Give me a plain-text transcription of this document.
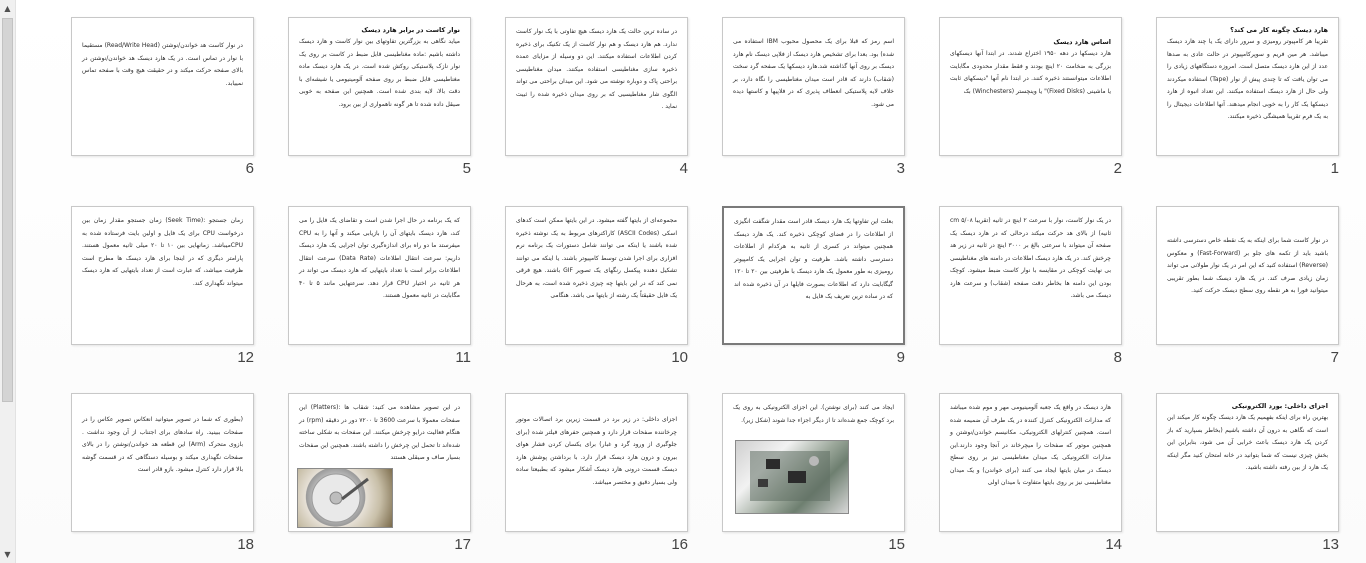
▲
▼
هارد دیسک چگونه کار می کند؟
تقریبا هر کامپیوتر رومیزی و سرور دارای یک یا چند هارد دیسک میباشد. هر مین فریم و سوپرکامپیوتر در حالت عادی به صدها عدد از این هارد دیسک متصل است. امروزه دستگاههای زیادی را می توان یافت که تا چندی پیش از نوار (Tape) استفاده میکردند ولی حال از هارد دیسک استفاده میکنند. این تعداد انبوه از هارد دیسکها یک کار را به خوبی انجام میدهند. آنها اطلاعات دیجیتال را به یک فرم تقریبا همیشگی ذخیره میکنند.
1
اساس هارد دیسک
هارد دیسکها در دهه ۱۹۵۰ اختراع شدند. در ابتدا آنها دیسکهای بزرگی به ضخامت ۲۰ اینچ بودند و فقط مقدار محدودی مگابایت اطلاعات میتوانستند ذخیره کنند. در ابتدا نام آنها "دیسکهای ثابت یا ماشینی (Fixed Disks)" یا وینچستر (Winchesters) بک
2
اسم رمز که قبلا برای یک محصول محبوب IBM استفاده می شده) بود. بعدا برای تشخیص هارد دیسک از فلاپی دیسک نام هارد دیسک بر روی آنها گذاشته شد.هارد دیسکها یک صفحه گرد سخت (شقاب) دارند که قادر است میدان مغناطیسی را نگاه دارد، بر خلاف لایه پلاستیکی انعطاف پذیری که در فلاپیها و کاستها دیده می شود.
3
در ساده ترین حالت یک هارد دیسک هیچ تفاوتی با یک نوار کاست ندارد. هم هارد دیسک و هم نوار کاست از یک تکنیک برای ذخیره کردن اطلاعات استفاده میکنند. این دو وسیله از مزایای عمده ذخیره سازی مغناطیسی استفاده میکنند. میدان مغناطیسی براحتی پاک و دوباره نوشته می شود. این میدان براحتی می تواند الگوی شار مغناطیسیی که بر روی میدان ذخیره شده را ثبیت نماید .
4
نوار کاست در برابر هارد دیسک
میاید نگاهی به بزرگترین تفاوتهای بین نوار کاست و هارد دیسک داشته باشیم :ماده مغناطیسی قابل ضبط در کاست بر روی یک نوار نازک پلاستیکی روکش شده است. در یک هارد دیسک ماده مغناطیسی قابل ضبط بر روی صفحه آلومینیومی یا شیشه‌ای با دقت بالا، لایه بندی شده است. همچنین این صفحه به خوبی صیقل داده شده تا هر گونه ناهمواری از بین برود.
5
در نوار کاست هد خواندن/نوشتن (Read/Write Head) مستقیما با نوار در تماس است. در یک هارد دیسک هد خواندن/نوشتن در بالای صفحه حرکت میکند و در حقیقت هیچ وقت با صفحه تماس نمییابد.
6
در نوار کاست شما برای اینکه به یک نقطه خاص دسترسی داشته باشید باید از تکمه های جلو بر (Fast-Forward) و معکوس (Reverse) استفاده کنید که این امر در یک نوار طولانی می تواند زمان زیادی صرف کند. در یک هارد دیسک شما بطور تقریبی میتوانید فورا به هر نقطه روی سطح دیسک حرکت کنید.
7
در یک نوار کاست، نوار با سرعت ۲ اینچ در ثانیه (تقریبا ۵/۰۸ cm ثانیه) از بالای هد حرکت میکند درحالی که در هارد دیسک یک صفحه آن میتواند با سرعتی بالغ بر ۳۰۰۰ اینچ در ثانیه در زیر هد چرخش کند. در یک هارد دیسک اطلاعات در دامنه های مغناطیسی بی نهایت کوچکی در مقایسه با نوار کاست ضبط میشود. کوچک بودن این دامنه ها بخاطر دقت صفحه (شقاب) و سرعت هارد دیسک می باشد.
8
بعلت این تفاوتها یک هارد دیسک قادر است مقدار شگفت انگیزی از اطلاعات را در فضای کوچکی ذخیره کند. یک هارد دیسک همچنین میتواند در کسری از ثانیه به هرکدام از اطلاعات دسترسی داشته باشد. ظرفیت و توان اجرایی یک کامپیوتر رومیزی به طور معمول یک هارد دیسک با ظرفیتی بین ۲۰ تا ۱۲۰ گیگابایت دارد که اطلاعات بصورت فایلها در آن ذخیره شده اند که در ساده ترین تعریف یک فایل به
9
مجموعه‌ای از بایتها گفته میشود. در این بایتها ممکن است کدهای اسکی (ASCII Codes) کاراکترهای مربوط به یک نوشته ذخیره شده باشند یا اینکه می توانند شامل دستورات یک برنامه نرم افزاری برای اجرا شدن توسط کامپیوتر باشند. یا اینکه می توانند تشکیل دهنده پیکسل رنگهای یک تصویر GIF باشند. هیچ فرقی نمی کند که در این بایتها چه چیزی ذخیره شده است، به هرحال یک فایل حقیقتاً یک رشته از بایتها می باشد. هنگامی
10
که یک برنامه در حال اجرا شدن است و تقاضای یک فایل را می کند، هارد دیسک بایتهای آن را بازیابی میکند و آنها را به CPU میفرستد ما دو راه برای اندازه‌گیری توان اجرایی یک هارد دیسک داریم: سرعت انتقال اطلاعات (Data Rate) سرعت انتقال اطلاعات برابر است با تعداد بایتهایی که هارد دیسک می تواند در هر ثانیه در اختیار CPU قرار دهد. سرعتهایی مانند ۵ تا ۴۰ مگابایت در ثانیه معمول هستند.
11
زمان جستجو :(Seek Time) زمان جستجو مقدار زمان بین درخواست CPU برای یک فایل و اولین بایت فرستاده شده به CPUمیباشد. زمانهایی بین ۱۰ تا ۲۰ میلی ثانیه معمول هستند. پارامتر دیگری که در اینجا برای هارد دیسک ها مطرح است ظرفیت میباشد، که عبارت است از تعداد بایتهایی که هارد دیسک میتواند نگهداری کند.
12
اجزای داخلی: بورد الکترونیکی
بهترین راه برای اینکه بفهمیم یک هارد دیسک چگونه کار میکند این است که نگاهی به درون آن داشته باشیم (بخاطر بسپارید که باز کردن یک هارد دیسک باعث خرابی آن می شود، بنابراین این بخش چیزی نیست که شما بتوانید در خانه امتحان کنید مگر اینکه یک هارد از بین رفته داشته باشید.
13
هارد دیسک در واقع یک جعبه آلومینیومی مهر و موم شده میباشد که مدارات الکترونیکی کنترل کننده در یک طرف آن ضمیمه شده است. همچنین کنترلهای الکترونیکی، مکانیسم خواندن/نوشتن و همچنین موتور که صفحات را میچرخاند در آنجا وجود دارند.این مدارات الکترونیکی یک میدان مغناطیسی نیز بر روی سطح دیسک در میان بایتها ایجاد می کنند (برای خواندن) و یک میدان مغناطیسی نیز بر روی بایتها متفاوت با میدان اولی
14
ایجاد می کنند (برای نوشتن). این اجزای الکترونیکی به روی یک برد کوچک جمع شده‌اند تا از دیگر اجزاء جدا شوند (شکل زیر).
15
اجزای داخلی: در زیر برد در قسمت زیرین برد اتصالات موتور چرخاننده صفحات قرار دارد و همچنین حفرهای فیلتر شده (برای جلوگیری از ورود گرد و غبار) برای یکسان کردن فشار هوای بیرون و درون هارد دیسک قرار دارد. با برداشتن پوشش هارد دیسک قسمت درونی هارد دیسک آشکار میشود که بطبیعتا ساده ولی بسیار دقیق و مختصر میباشد.
16
در این تصویر مشاهده می کنید: شقاب ها :(Platters) این صفحات معمولا با سرعت 3600 تا ۷۲۰۰ دور در دقیقه (rpm) در هنگام فعالیت درایو چرخش میکنند. این صفحات به شکلی ساخته شده‌اند تا تحمل این چرخش را داشته باشند. همچنین این صفحات بسیار صاف و صیقلی هستند
17
(بطوری که شما در تصویر میتوانید انعکاس تصویر عکاس را در صفحات ببینید. راه سادهای برای اجتناب از آن وجود نداشت . بازوی متحرک (Arm) این قطعه هد خواندن/نوشتن را در بالای صفحات نگهداری میکند و بوسیله دستگاهی که در قسمت گوشه بالا قرار دارد کنترل میشود. بازو قادر است
18
